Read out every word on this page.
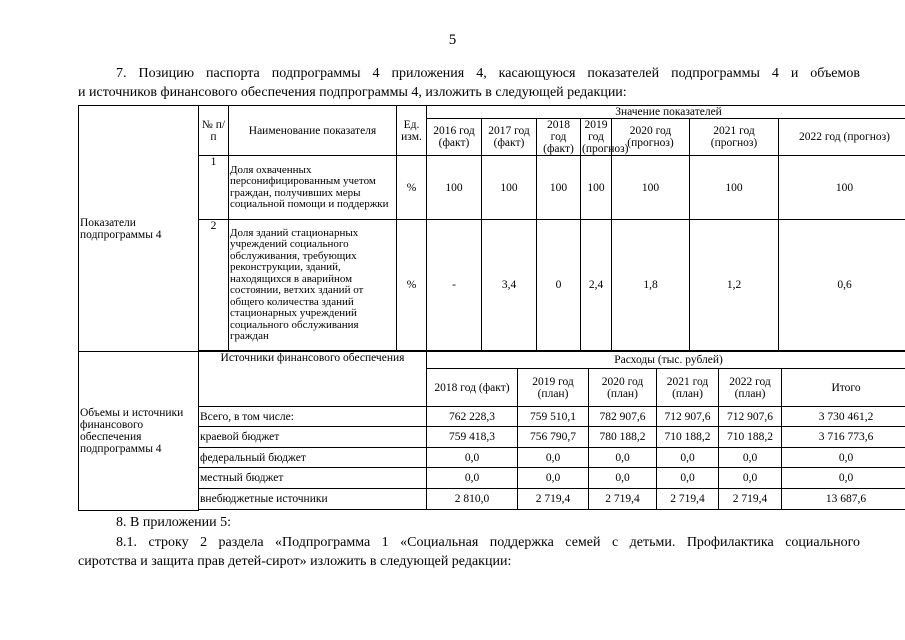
5
7. Позицию паспорта подпрограммы 4 приложения 4, касающуюся показателей подпрограммы 4 и объемов
и источников финансового обеспечения подпрограммы 4, изложить в следующей редакции:
Показатели подпрограммы 4	№ п/п	Наименование показателя	Ед. изм.	Значение показателей											
				2016 год (факт)	2017 год (факт)		2018 год (факт)	2019 год (прогноз)		2020 год (прогноз)		2021 год (прогноз)		2022 год (прогноз)	
	1	Доля охваченных персонифицированным учетом граждан, получивших меры социальной помощи и поддержки	%	100	100		100	100		100		100		100	
	2	Доля зданий стационарных учреждений социального обслуживания, требующих реконструкции, зданий, находящихся в аварийном состоянии, ветхих зданий от общего количества зданий стационарных учреждений социального обслуживания граждан	%	-	3,4		0	2,4		1,8		1,2		0,6	

Объемы и источники финансового обеспечения подпрограммы 4	Источники финансового обеспечения			Расходы (тыс. рублей)											
				2018 год (факт)		2019 год (план)			2020 год (план)		2021 год (план)		2022 год (план)		Итого
	Всего, в том числе:			762 228,3		759 510,1			782 907,6		712 907,6		712 907,6		3 730 461,2
	краевой бюджет			759 418,3		756 790,7			780 188,2		710 188,2		710 188,2		3 716 773,6
	федеральный бюджет			0,0		0,0			0,0		0,0		0,0		0,0
	местный бюджет			0,0		0,0			0,0		0,0		0,0		0,0
	внебюджетные источники			2 810,0		2 719,4			2 719,4		2 719,4		2 719,4		13 687,6

8. В приложении 5:
8.1. строку 2 раздела «Подпрограмма 1 «Социальная поддержка семей с детьми. Профилактика социального
сиротства и защита прав детей-сирот» изложить в следующей редакции:
